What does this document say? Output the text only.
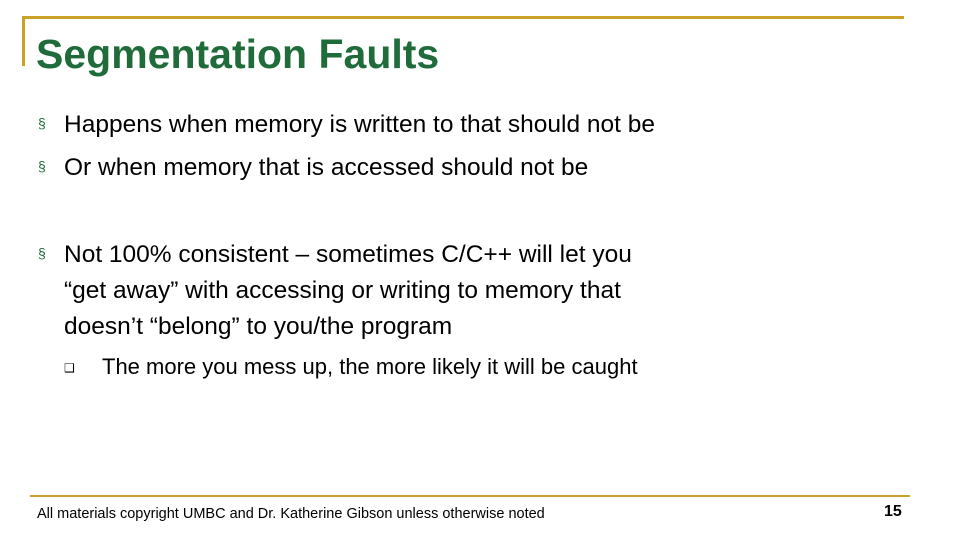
Segmentation Faults
§ Happens when memory is written to that should not be
§ Or when memory that is accessed should not be
§ Not 100% consistent – sometimes C/C++ will let you
“get away” with accessing or writing to memory that
doesn’t “belong” to you/the program
❑	The more you mess up, the more likely it will be caught
All materials copyright UMBC and Dr. Katherine Gibson unless otherwise noted	15
